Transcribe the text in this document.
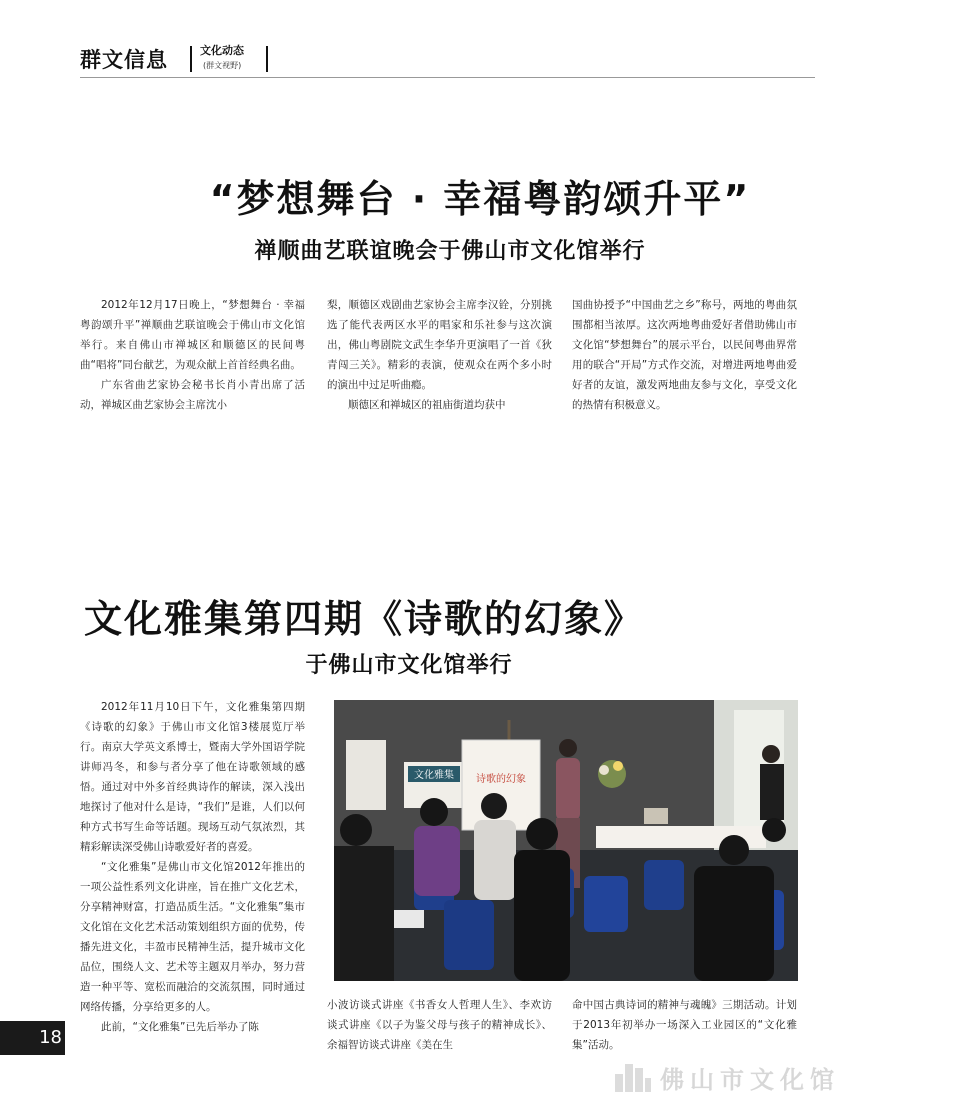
群文信息	文化动态
(群文视野)
“梦想舞台 · 幸福粤韵颂升平”
禅顺曲艺联谊晚会于佛山市文化馆举行

2012年12月17日晚上，“梦想舞台 · 幸福粤韵颂升平”禅顺曲艺联谊晚会于佛山市文化馆举行。来自佛山市禅城区和顺德区的民间粤曲“唱将”同台献艺，为观众献上首首经典名曲。

广东省曲艺家协会秘书长肖小青出席了活动，禅城区曲艺家协会主席沈小

梨，顺德区戏剧曲艺家协会主席李汉铨，分别挑选了能代表两区水平的唱家和乐社参与这次演出，佛山粤剧院文武生李华升更演唱了一首《狄青闯三关》。精彩的表演，使观众在两个多小时的演出中过足听曲瘾。

顺德区和禅城区的祖庙街道均获中

国曲协授予“中国曲艺之乡”称号，两地的粤曲氛围都相当浓厚。这次两地粤曲爱好者借助佛山市文化馆“梦想舞台”的展示平台，以民间粤曲界常用的联合“开局”方式作交流，对增进两地粤曲爱好者的友谊，激发两地曲友参与文化，享受文化的热情有积极意义。

文化雅集第四期《诗歌的幻象》
于佛山市文化馆举行

2012年11月10日下午，文化雅集第四期《诗歌的幻象》于佛山市文化馆3楼展览厅举行。南京大学英文系博士，暨南大学外国语学院讲师冯冬，和参与者分享了他在诗歌领域的感悟。通过对中外多首经典诗作的解读，深入浅出地探讨了他对什么是诗，“我们”是谁，人们以何种方式书写生命等话题。现场互动气氛浓烈，其精彩解读深受佛山诗歌爱好者的喜爱。

“文化雅集”是佛山市文化馆2012年推出的一项公益性系列文化讲座，旨在推广文化艺术，分享精神财富，打造品质生活。“文化雅集”集市文化馆在文化艺术活动策划组织方面的优势，传播先进文化，丰盈市民精神生活，提升城市文化品位，围绕人文、艺术等主题双月举办，努力营造一种平等、宽松而融洽的交流氛围，同时通过网络传播，分享给更多的人。

此前，“文化雅集”已先后举办了陈

文化雅集 诗歌的幻象

小波访谈式讲座《书香女人哲理人生》、李欢访谈式讲座《以子为鉴父母与孩子的精神成长》、余福智访谈式讲座《美在生

命中国古典诗词的精神与魂魄》三期活动。计划于2013年初举办一场深入工业园区的“文化雅集”活动。

18
佛山市文化馆
